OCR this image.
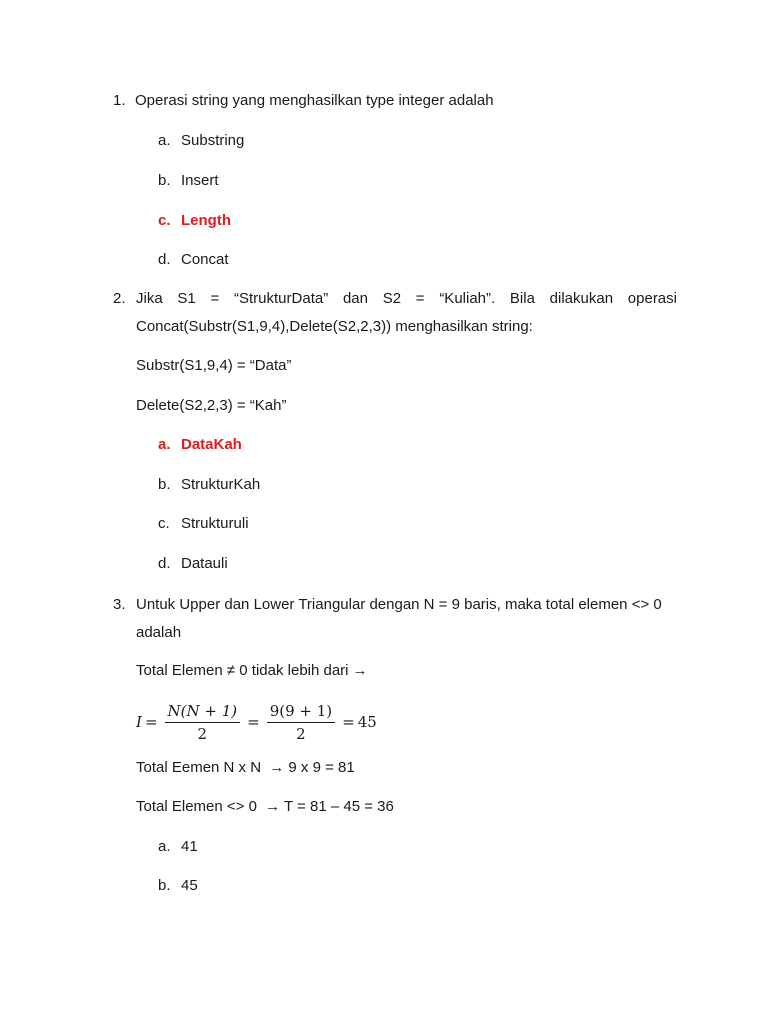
1. Operasi string yang menghasilkan type integer adalah
a. Substring
b. Insert
c. Length
d. Concat
2. Jika S1 = “StrukturData” dan S2 = “Kuliah”. Bila dilakukan operasi
Concat(Substr(S1,9,4),Delete(S2,2,3)) menghasilkan string:
Substr(S1,9,4) = “Data”
Delete(S2,2,3) = “Kah”
a. DataKah
b. StrukturKah
c. Strukturuli
d. Datauli
3. Untuk Upper dan Lower Triangular dengan N = 9 baris, maka total elemen <> 0
adalah
Total Elemen ≠ 0 tidak lebih dari →
$I = \frac{N(N + 1)}{2} = \frac{9(9 + 1)}{2} = 45$
Total Eemen N x N → 9 x 9 = 81
Total Elemen <> 0 → T = 81 – 45 = 36
a. 41
b. 45
